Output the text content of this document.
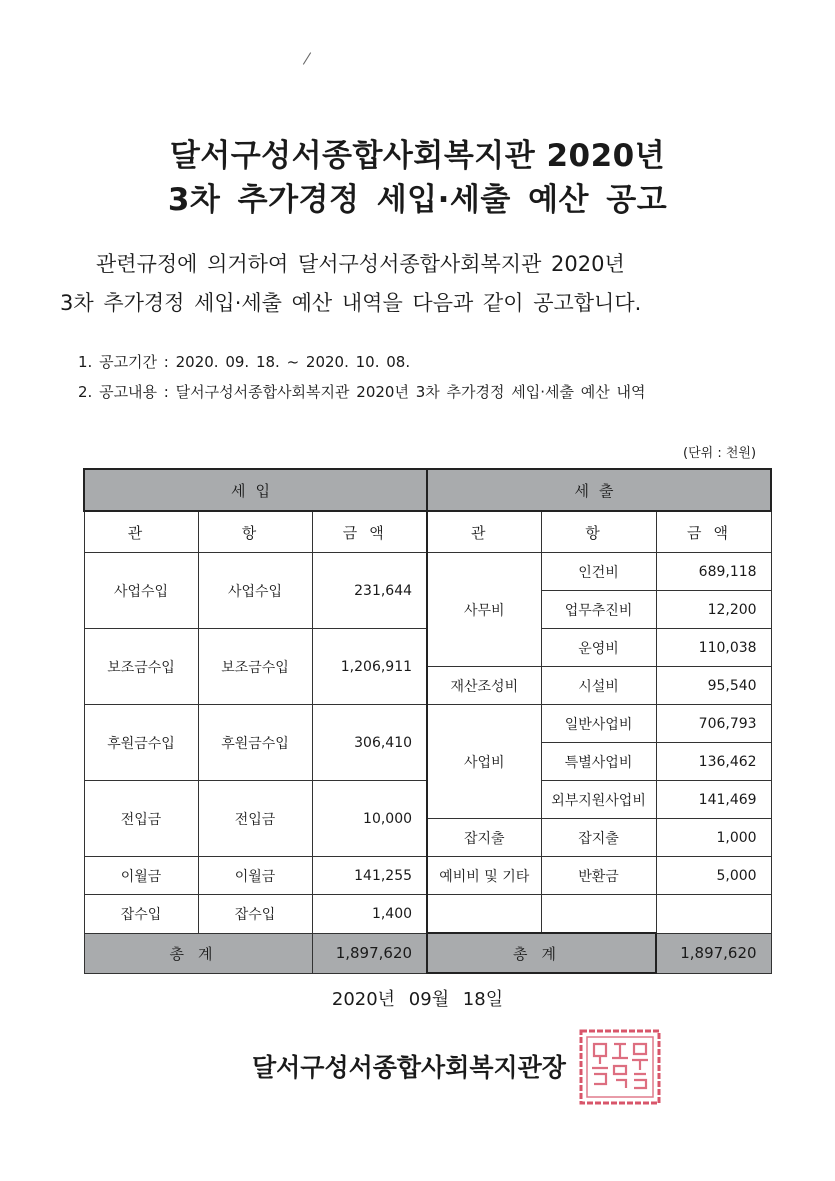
달서구성서종합사회복지관 2020년
3차 추가경정 세입·세출 예산 공고
관련규정에 의거하여 달서구성서종합사회복지관 2020년
3차 추가경정 세입·세출 예산 내역을 다음과 같이 공고합니다.
1. 공고기간 : 2020. 09. 18. ~ 2020. 10. 08.
2. 공고내용 : 달서구성서종합사회복지관 2020년 3차 추가경정 세입·세출 예산 내역
(단위 : 천원)
세입			세출		
관	항	금액	관	항	금액
사업수입	사업수입	231,644	사무비	인건비	689,118
				업무추진비	12,200
보조금수입	보조금수입	1,206,911		운영비	110,038
			재산조성비	시설비	95,540
후원금수입	후원금수입	306,410	사업비	일반사업비	706,793
				특별사업비	136,462
전입금	전입금	10,000		외부지원사업비	141,469
			잡지출	잡지출	1,000
이월금	이월금	141,255	예비비 및 기타	반환금	5,000
잡수입	잡수입	1,400			
총계		1,897,620	총계		1,897,620
2020년 09월 18일
달서구성서종합사회복지관장
